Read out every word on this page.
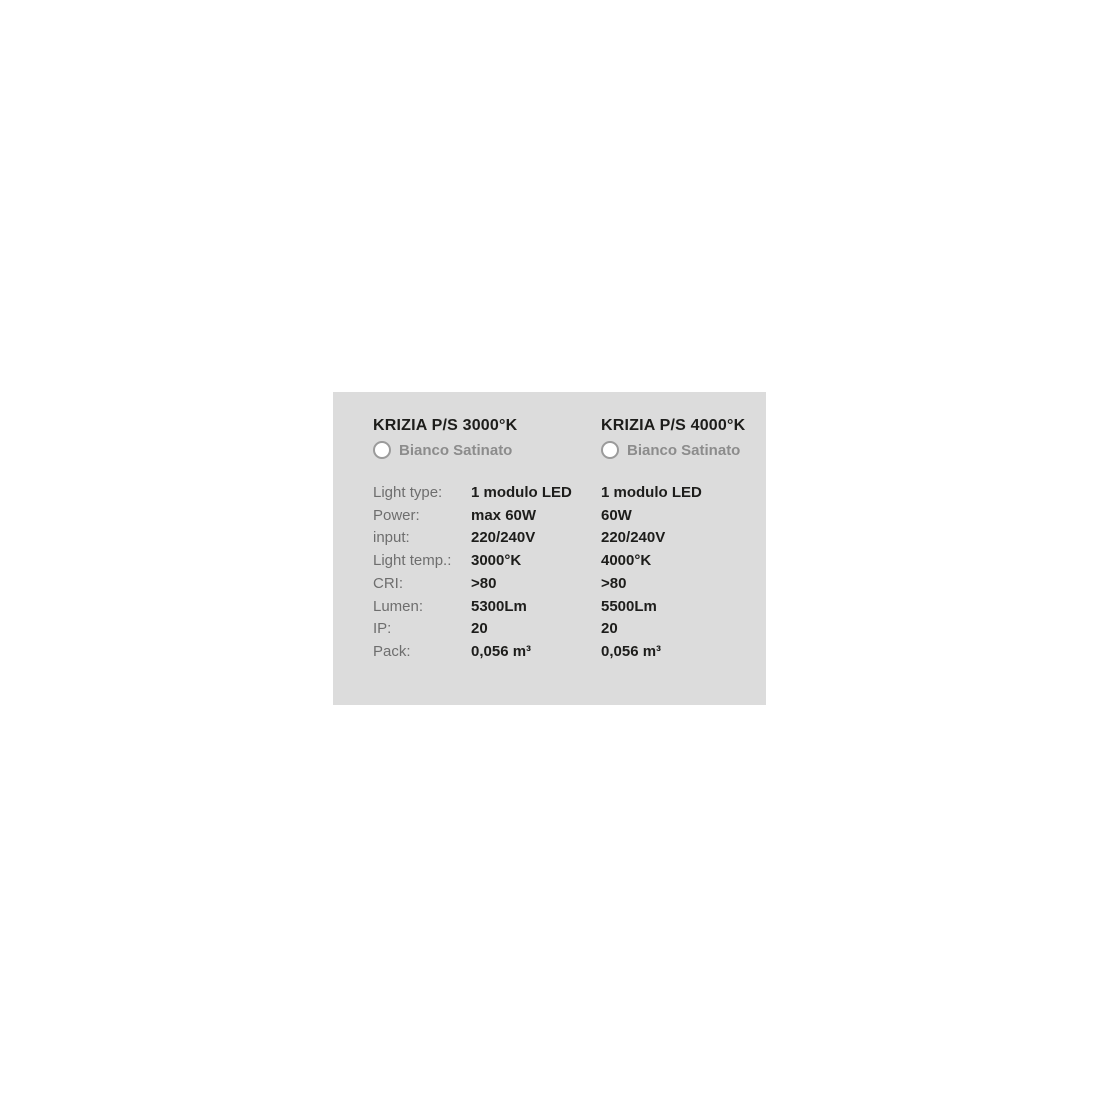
KRIZIA P/S 3000°K
Bianco Satinato
KRIZIA P/S 4000°K
Bianco Satinato
Light type:	1 modulo LED	1 modulo LED
Power:	max 60W	60W
input:	220/240V	220/240V
Light temp.:	3000°K	4000°K
CRI:	>80	>80
Lumen:	5300Lm	5500Lm
IP:	20	20
Pack:	0,056 m³	0,056 m³
